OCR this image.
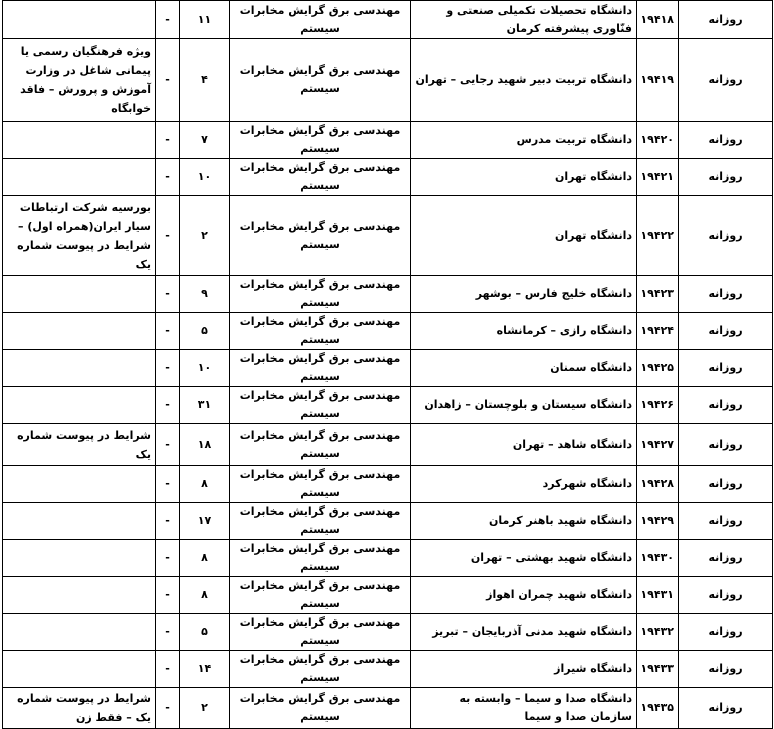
روزانه	۱۹۴۱۸	دانشگاه تحصیلات تکمیلی صنعتی و فنّاوری پیشرفته کرمان	مهندسی برق گرایش مخابرات سیستم	۱۱	-	
روزانه	۱۹۴۱۹	دانشگاه تربیت دبیر شهید رجایی – تهران	مهندسی برق گرایش مخابرات سیستم	۴	-	ویژه فرهنگیان رسمی یا پیمانی شاغل در وزارت آموزش و پرورش – فاقد خوابگاه
روزانه	۱۹۴۲۰	دانشگاه تربیت مدرس	مهندسی برق گرایش مخابرات سیستم	۷	-	
روزانه	۱۹۴۲۱	دانشگاه تهران	مهندسی برق گرایش مخابرات سیستم	۱۰	-	
روزانه	۱۹۴۲۲	دانشگاه تهران	مهندسی برق گرایش مخابرات سیستم	۲	-	بورسیه شرکت ارتباطات سیار ایران(همراه اول) – شرایط در پیوست شماره یک
روزانه	۱۹۴۲۳	دانشگاه خلیج فارس – بوشهر	مهندسی برق گرایش مخابرات سیستم	۹	-	
روزانه	۱۹۴۲۴	دانشگاه رازی – کرمانشاه	مهندسی برق گرایش مخابرات سیستم	۵	-	
روزانه	۱۹۴۲۵	دانشگاه سمنان	مهندسی برق گرایش مخابرات سیستم	۱۰	-	
روزانه	۱۹۴۲۶	دانشگاه سیستان و بلوچستان – زاهدان	مهندسی برق گرایش مخابرات سیستم	۳۱	-	
روزانه	۱۹۴۲۷	دانشگاه شاهد – تهران	مهندسی برق گرایش مخابرات سیستم	۱۸	-	شرایط در پیوست شماره یک
روزانه	۱۹۴۲۸	دانشگاه شهرکرد	مهندسی برق گرایش مخابرات سیستم	۸	-	
روزانه	۱۹۴۲۹	دانشگاه شهید باهنر کرمان	مهندسی برق گرایش مخابرات سیستم	۱۷	-	
روزانه	۱۹۴۳۰	دانشگاه شهید بهشتی – تهران	مهندسی برق گرایش مخابرات سیستم	۸	-	
روزانه	۱۹۴۳۱	دانشگاه شهید چمران اهواز	مهندسی برق گرایش مخابرات سیستم	۸	-	
روزانه	۱۹۴۳۲	دانشگاه شهید مدنی آذربایجان – تبریز	مهندسی برق گرایش مخابرات سیستم	۵	-	
روزانه	۱۹۴۳۳	دانشگاه شیراز	مهندسی برق گرایش مخابرات سیستم	۱۴	-	
روزانه	۱۹۴۳۵	دانشگاه صدا و سیما – وابسته به سازمان صدا و سیما	مهندسی برق گرایش مخابرات سیستم	۲	-	شرایط در پیوست شماره یک – فقط زن
